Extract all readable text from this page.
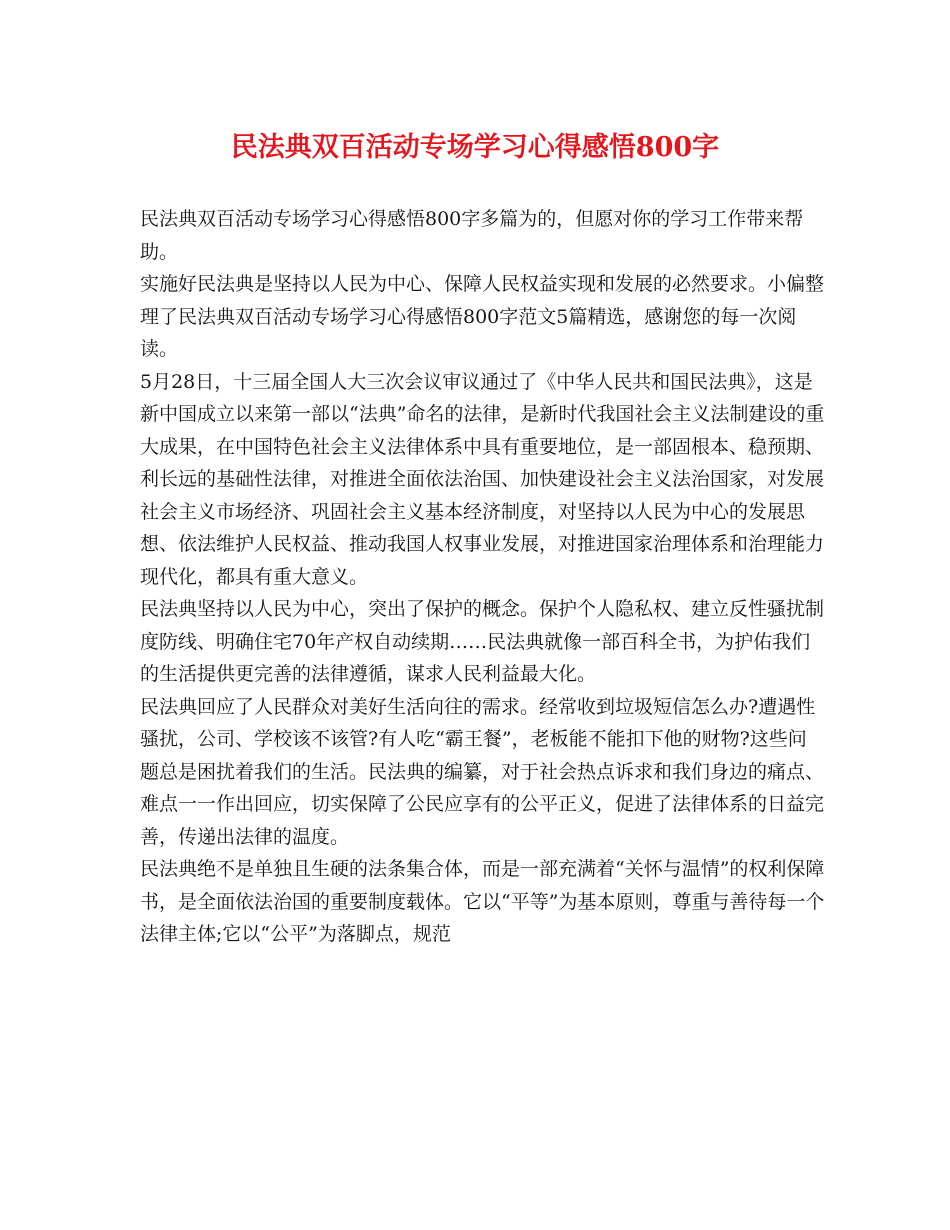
民法典双百活动专场学习心得感悟800字

民法典双百活动专场学习心得感悟800字多篇为的，但愿对你的学习工作带来帮助。

实施好民法典是坚持以人民为中心、保障人民权益实现和发展的必然要求。小偏整理了民法典双百活动专场学习心得感悟800字范文5篇精选，感谢您的每一次阅读。

5月28日，十三届全国人大三次会议审议通过了《中华人民共和国民法典》，这是新中国成立以来第一部以“法典”命名的法律，是新时代我国社会主义法制建设的重大成果，在中国特色社会主义法律体系中具有重要地位，是一部固根本、稳预期、利长远的基础性法律，对推进全面依法治国、加快建设社会主义法治国家，对发展社会主义市场经济、巩固社会主义基本经济制度，对坚持以人民为中心的发展思想、依法维护人民权益、推动我国人权事业发展，对推进国家治理体系和治理能力现代化，都具有重大意义。

民法典坚持以人民为中心，突出了保护的概念。保护个人隐私权、建立反性骚扰制度防线、明确住宅70年产权自动续期……民法典就像一部百科全书，为护佑我们的生活提供更完善的法律遵循，谋求人民利益最大化。

民法典回应了人民群众对美好生活向往的需求。经常收到垃圾短信怎么办?遭遇性骚扰，公司、学校该不该管?有人吃“霸王餐”，老板能不能扣下他的财物?这些问题总是困扰着我们的生活。民法典的编纂，对于社会热点诉求和我们身边的痛点、难点一一作出回应，切实保障了公民应享有的公平正义，促进了法律体系的日益完善，传递出法律的温度。

民法典绝不是单独且生硬的法条集合体，而是一部充满着“关怀与温情”的权利保障书，是全面依法治国的重要制度载体。它以“平等”为基本原则，尊重与善待每一个法律主体;它以“公平”为落脚点，规范
